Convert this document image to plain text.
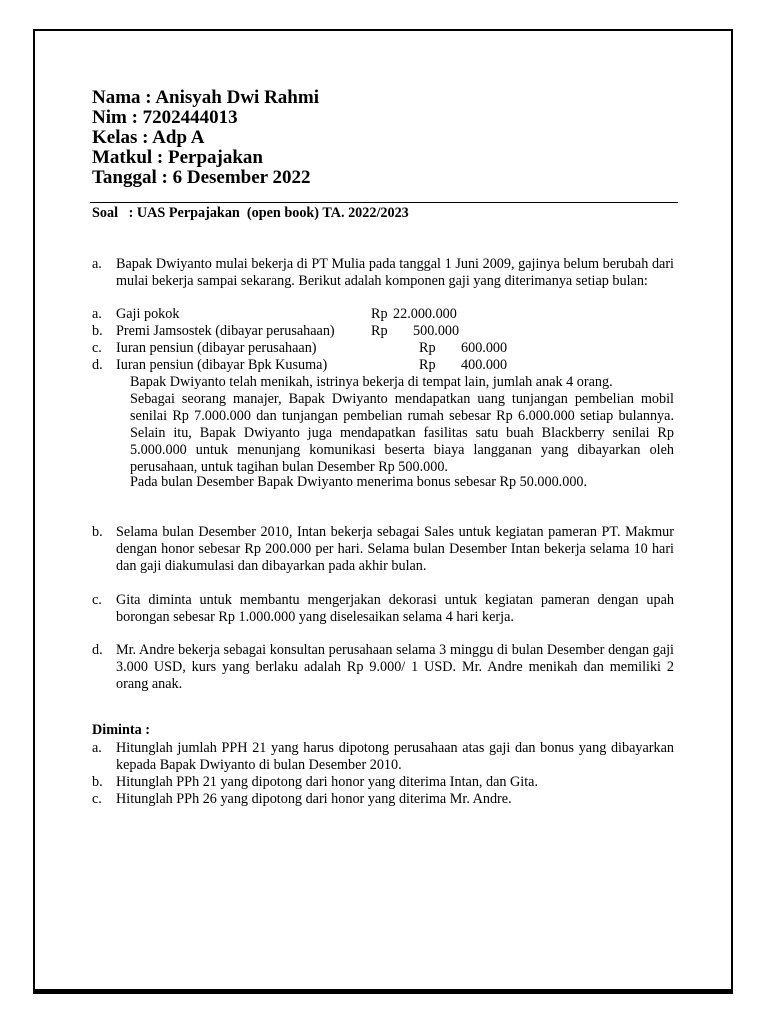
Nama : Anisyah Dwi Rahmi
Nim : 7202444013
Kelas : Adp A
Matkul : Perpajakan
Tanggal : 6 Desember 2022
Soal   : UAS Perpajakan  (open book) TA. 2022/2023
a. Bapak Dwiyanto mulai bekerja di PT Mulia pada tanggal 1 Juni 2009, gajinya belum berubah dari mulai bekerja sampai sekarang. Berikut adalah komponen gaji yang diterimanya setiap bulan:
a. Gaji pokok	Rp 22.000.000
b. Premi Jamsostek (dibayar perusahaan)	Rp 500.000
c. Iuran pensiun (dibayar perusahaan)	Rp 600.000
d. Iuran pensiun (dibayar Bpk Kusuma)	Rp 400.000
Bapak Dwiyanto telah menikah, istrinya bekerja di tempat lain, jumlah anak 4 orang.
Sebagai seorang manajer, Bapak Dwiyanto mendapatkan uang tunjangan pembelian mobil senilai Rp 7.000.000 dan tunjangan pembelian rumah sebesar Rp 6.000.000 setiap bulannya. Selain itu, Bapak Dwiyanto juga mendapatkan fasilitas satu buah Blackberry senilai Rp 5.000.000 untuk menunjang komunikasi beserta biaya langganan yang dibayarkan oleh perusahaan, untuk tagihan bulan Desember Rp 500.000.
Pada bulan Desember Bapak Dwiyanto menerima bonus sebesar Rp 50.000.000.
b. Selama bulan Desember 2010, Intan bekerja sebagai Sales untuk kegiatan pameran PT. Makmur dengan honor sebesar Rp 200.000 per hari. Selama bulan Desember Intan bekerja selama 10 hari dan gaji diakumulasi dan dibayarkan pada akhir bulan.
c. Gita diminta untuk membantu mengerjakan dekorasi untuk kegiatan pameran dengan upah borongan sebesar Rp 1.000.000 yang diselesaikan selama 4 hari kerja.
d. Mr. Andre bekerja sebagai konsultan perusahaan selama 3 minggu di bulan Desember dengan gaji 3.000 USD, kurs yang berlaku adalah Rp 9.000/ 1 USD. Mr. Andre menikah dan memiliki 2 orang anak.
Diminta :
a. Hitunglah jumlah PPH 21 yang harus dipotong perusahaan atas gaji dan bonus yang dibayarkan kepada Bapak Dwiyanto di bulan Desember 2010.
b. Hitunglah PPh 21 yang dipotong dari honor yang diterima Intan, dan Gita.
c. Hitunglah PPh 26 yang dipotong dari honor yang diterima Mr. Andre.
